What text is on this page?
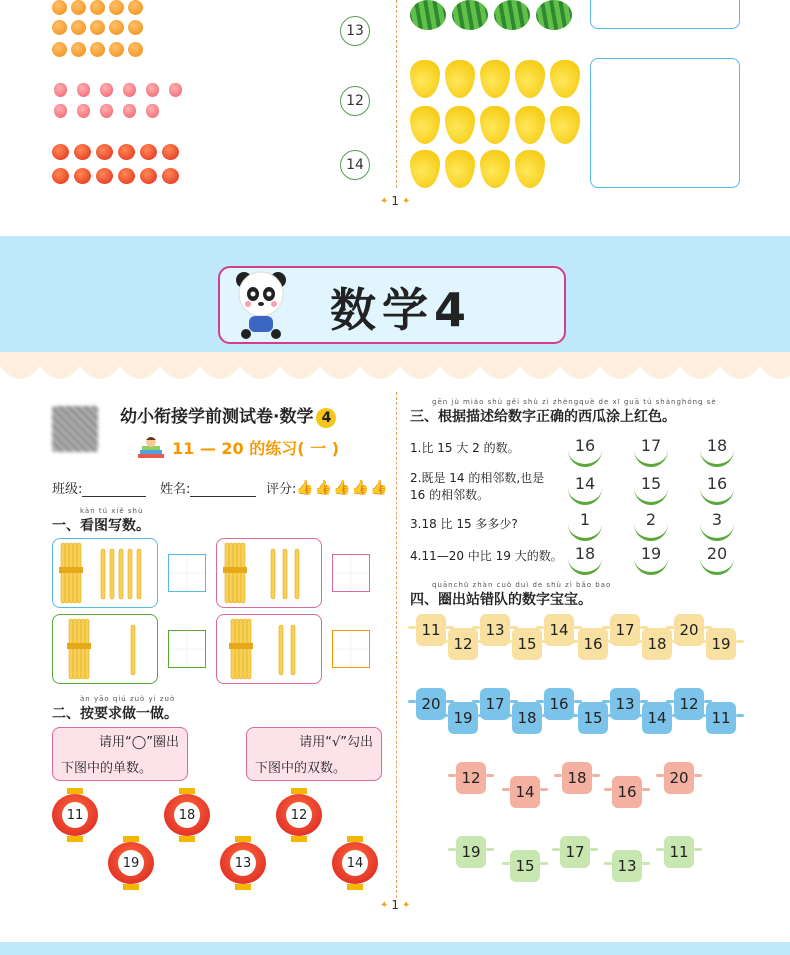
13
12
14
✦ 1 ✦
数学4
幼小衔接学前测试卷·数学 4
11 — 20 的练习( 一 )
班级:	姓名:	评分: 👍👍👍👍👍
kàn tú xiě shù
一、看图写数。
àn yāo qiú zuò yi zuò
二、按要求做一做。
请用“◯”圈出
下图中的单数。
请用“√”勾出
下图中的双数。
11	18	12
19	13	14
gēn jù miáo shù gěi shù zì zhèngquè de xī guā tú shànghóng sè
三、根据描述给数字正确的西瓜涂上红色。
1.比 15 大 2 的数。	16	17	18
2.既是 14 的相邻数,也是
16 的相邻数。
14	15	16
3.18 比 15 多多少?	1	2	3
4.11—20 中比 19 大的数。 18	19	20
quānchū zhàn cuò duì de shù zì bǎo bao
四、圈出站错队的数字宝宝。
11
12
13
15
14
16
17
18
20
19
20
19
17
18
16
15
13
14
12
11
12
14
18
16
20
19
15
17
13
11
✦ 1 ✦
